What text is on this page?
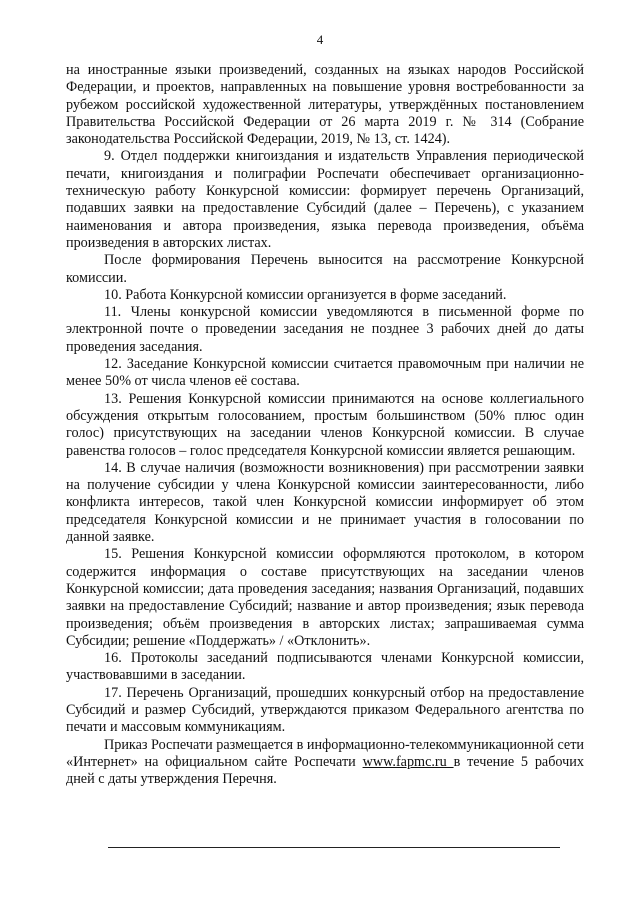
4

на иностранные языки произведений, созданных на языках народов Российской Федерации, и проектов, направленных на повышение уровня востребованности за рубежом российской художественной литературы, утверждённых постановлением Правительства Российской Федерации от 26 марта 2019 г. № 314 (Собрание законодательства Российской Федерации, 2019, № 13, ст. 1424).

9. Отдел поддержки книгоиздания и издательств Управления периодической печати, книгоиздания и полиграфии Роспечати обеспечивает организационно-техническую работу Конкурсной комиссии: формирует перечень Организаций, подавших заявки на предоставление Субсидий (далее – Перечень), с указанием наименования и автора произведения, языка перевода произведения, объёма произведения в авторских листах.

После формирования Перечень выносится на рассмотрение Конкурсной комиссии.

10. Работа Конкурсной комиссии организуется в форме заседаний.

11. Члены конкурсной комиссии уведомляются в письменной форме по электронной почте о проведении заседания не позднее 3 рабочих дней до даты проведения заседания.

12. Заседание Конкурсной комиссии считается правомочным при наличии не менее 50% от числа членов её состава.

13. Решения Конкурсной комиссии принимаются на основе коллегиального обсуждения открытым голосованием, простым большинством (50% плюс один голос) присутствующих на заседании членов Конкурсной комиссии. В случае равенства голосов – голос председателя Конкурсной комиссии является решающим.

14. В случае наличия (возможности возникновения) при рассмотрении заявки на получение субсидии у члена Конкурсной комиссии заинтересованности, либо конфликта интересов, такой член Конкурсной комиссии информирует об этом председателя Конкурсной комиссии и не принимает участия в голосовании по данной заявке.

15. Решения Конкурсной комиссии оформляются протоколом, в котором содержится информация о составе присутствующих на заседании членов Конкурсной комиссии; дата проведения заседания; названия Организаций, подавших заявки на предоставление Субсидий; название и автор произведения; язык перевода произведения; объём произведения в авторских листах; запрашиваемая сумма Субсидии; решение «Поддержать» / «Отклонить».

16. Протоколы заседаний подписываются членами Конкурсной комиссии, участвовавшими в заседании.

17. Перечень Организаций, прошедших конкурсный отбор на предоставление Субсидий и размер Субсидий, утверждаются приказом Федерального агентства по печати и массовым коммуникациям.

Приказ Роспечати размещается в информационно-телекоммуникационной сети «Интернет» на официальном сайте Роспечати www.fapmc.ru в течение 5 рабочих дней с даты утверждения Перечня.
